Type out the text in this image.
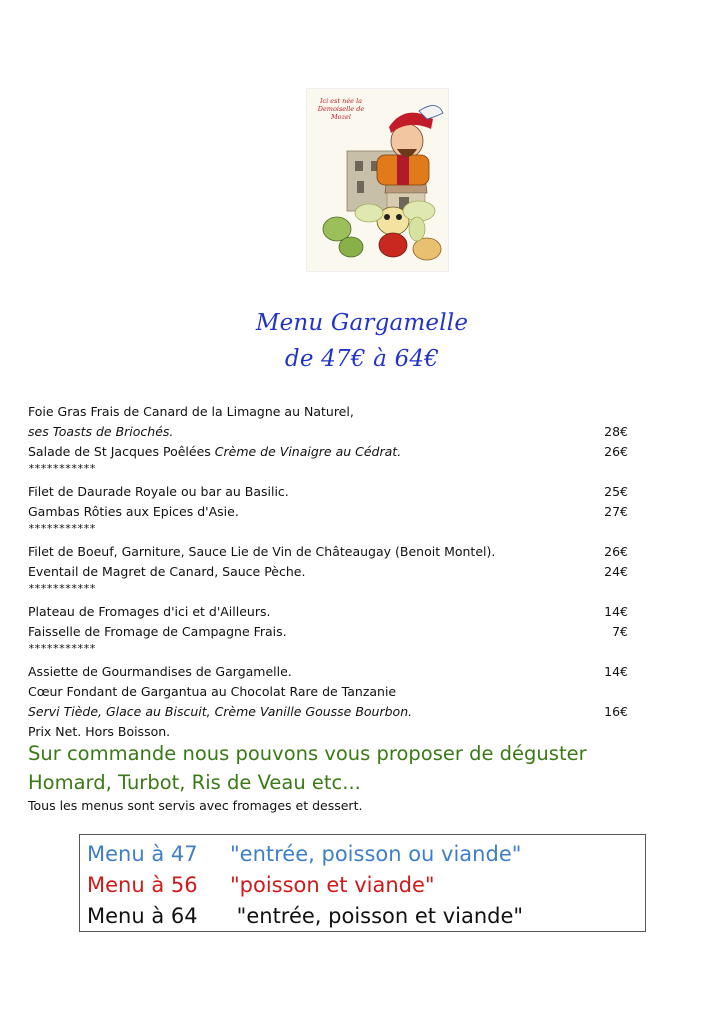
Ici est née la Demoiselle de Mozel
Menu Gargamelle
de 47€ à 64€
Foie Gras Frais de Canard de la Limagne au Naturel,
ses Toasts de Briochés.	28€
Salade de St Jacques Poêlées Crème de Vinaigre au Cédrat.	26€
***********
Filet de Daurade Royale ou bar au Basilic.	25€
Gambas Rôties aux Epices d'Asie.	27€
***********
Filet de Boeuf, Garniture, Sauce Lie de Vin de Châteaugay (Benoit Montel).	26€
Eventail de Magret de Canard, Sauce Pèche.	24€
***********
Plateau de Fromages d'ici et d'Ailleurs.	14€
Faisselle de Fromage de Campagne Frais.	7€
***********
Assiette de Gourmandises de Gargamelle.	14€
Cœur Fondant de Gargantua au Chocolat Rare de Tanzanie
Servi Tiède, Glace au Biscuit, Crème Vanille Gousse Bourbon.	16€
Prix Net. Hors Boisson.
Sur commande nous pouvons vous proposer de déguster
Homard, Turbot, Ris de Veau etc...
Tous les menus sont servis avec fromages et dessert.
Menu à 47 "entrée, poisson ou viande"
Menu à 56 "poisson et viande"
Menu à 64 "entrée, poisson et viande"
